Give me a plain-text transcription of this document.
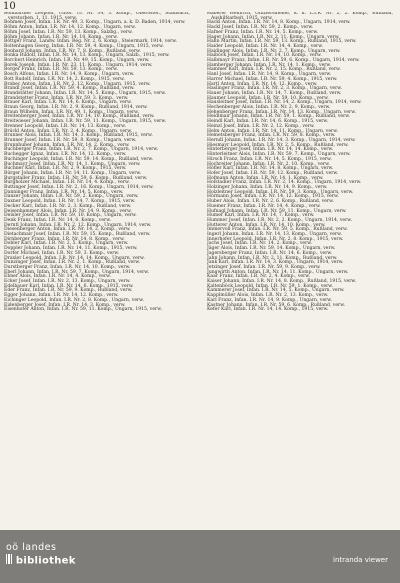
10

Bombardier Leopold, Unter. Ul. Nr. 34, 3. Komp., Oberöster., Stadlsarzt, verstorben. 1. 11. 1915, verw.

Bohmen Josef, Infan. I.R. Nr. 49, 3. Komp., Ungarn, a. k. D. Baden, 1914, verw.

Böhm Anton, Infan. I.R. Nr. 14, 12. Komp., Ungarn, verw.

Böhm Josef, Infan. I.R. Nr. 59, 13. Komp., Salzbg., verw.

Böhm Johann, Infan. I.R. Nr. 14, 10. Komp., verw.

Böttger Franz, Landw. Infan. Reg. Nr. 2, 6. Komp., Steiermark, 1914, verw.

Boltenhagen Georg, Infan. I.R. Nr. 59, 4. Komp., Ungarn, 1915, verw.

Bonhard Johann, Infan. I.R. Nr. 7, 8. Komp., Rußland, verw.

Bonka Rudolf, Infan. I.R. Nr. 14, 13. Komp., Ungarn, Salzb., 1915, verw.

Borchert Heinrich, Infan. I.R. Nr. 49, 15. Komp., Ungarn, verw.

Borek Joseph, Infan. I.R. Nr. 23, 11. Komp., Ungarn, 1914, verw.

Borger Franz, Infan. I.R. Nr. 59, 13. Komp., verw.

Bosch Alfons, Infan. I.R. Nr. 14, 9. Komp., Ungarn, verw.

Bott Rudolf, Infan. I.R. Nr. 14, 2. Komp., 1915, verw.

Brabec Anton, Infan. I.R. Nr. 2, 12. Komp., Ungarn, 1915, verw.

Brandl Josef, Infan. I.R. Nr. 59, 4. Komp., Rußland, verw.

Brandstätter Johann, Infan. I.R. Nr. 14, 5. Komp., Ungarn, 1915, verw.

Brandstetter Franz, Infan. I.R. Nr. 59, 3. Komp., verw.

Brauer Karl, Infan. I.R. Nr. 14, 6. Komp., Ungarn, verw.

Braun Georg, Infan. I.R. Nr. 2, 9. Komp., Rußland, 1914, verw.

Braun Wilhelm, Infan. I.R. Nr. 49, 1. Komp., Ungarn, verw.

Breitenberger Josef, Infan. I.R. Nr. 14, 10. Komp., Rußland, verw.

Breitwieser Johann, Infan. I.R. Nr. 59, 11. Komp., Ungarn, 1915, verw.

Brenner Leopold, Infan. I.R. Nr. 14, 13. Komp., verw.

Brückl Anton, Infan. I.R. Nr. 2, 4. Komp., Ungarn, verw.

Brunner Alois, Infan. I.R. Nr. 14, 3. Komp., Rußland, 1915, verw.

Brunner Josef, Infan. I.R. Nr. 59, 8. Komp., Ungarn, verw.

Brunnhuber Johann, Infan. I.R. Nr. 14, 2. Komp., verw.

Buchberger Franz, Infan. I.R. Nr. 2, 7. Komp., Ungarn, 1914, verw.

Buchegger Ignaz, Infan. I.R. Nr. 14, 12. Komp., verw.

Buchinger Leopold, Infan. I.R. Nr. 59, 14. Komp., Rußland, verw.

Buchmayr Josef, Infan. I.R. Nr. 14, 1. Komp., Ungarn, verw.

Buchner Karl, Infan. I.R. Nr. 2, 9. Komp., 1915, verw.

Bürger Johann, Infan. I.R. Nr. 14, 11. Komp., Ungarn, verw.

Burgstaller Franz, Infan. I.R. Nr. 59, 6. Komp., Rußland, verw.

Burgholzer Michael, Infan. I.R. Nr. 14, 4. Komp., verw.

Buttinger Josef, Infan. I.R. Nr. 2, 16. Komp., Ungarn, 1914, verw.

Danninger Franz, Infan. I.R. Nr. 14, 5. Komp., verw.

Danzer Johann, Infan. I.R. Nr. 59, 2. Komp., Ungarn, verw.

Daxner Leopold, Infan. I.R. Nr. 14, 7. Komp., 1915, verw.

Decker Karl, Infan. I.R. Nr. 2, 3. Komp., Rußland, verw.

Deisenhammer Alois, Infan. I.R. Nr. 14, 9. Komp., verw.

Deixler Josef, Infan. I.R. Nr. 59, 10. Komp., Ungarn, verw.

Denk Franz, Infan. I.R. Nr. 14, 6. Komp., verw.

Derntl Johann, Infan. I.R. Nr. 2, 12. Komp., Ungarn, 1914, verw.

Diesenberger Anton, Infan. I.R. Nr. 14, 2. Komp., verw.

Dietachmair Josef, Infan. I.R. Nr. 59, 15. Komp., Rußland, verw.

Dirnberger Franz, Infan. I.R. Nr. 14, 8. Komp., verw.

Dobler Karl, Infan. I.R. Nr. 2, 5. Komp., Ungarn, verw.

Doppler Johann, Infan. I.R. Nr. 14, 11. Komp., 1915, verw.

Dorfer Michael, Infan. I.R. Nr. 59, 3. Komp., verw.

Draxler Leopold, Infan. I.R. Nr. 14, 14. Komp., Ungarn, verw.

Dunzinger Josef, Infan. I.R. Nr. 2, 1. Komp., Rußland, verw.

Durstberger Franz, Infan. I.R. Nr. 14, 10. Komp., verw.

Eberl Johann, Infan. I.R. Nr. 59, 7. Komp., Ungarn, 1914, verw.

Ebner Alois, Infan. I.R. Nr. 14, 4. Komp., verw.

Ecker Josef, Infan. I.R. Nr. 2, 13. Komp., Ungarn, verw.

Edelbauer Karl, Infan. I.R. Nr. 14, 6. Komp., 1915, verw.

Eder Franz, Infan. I.R. Nr. 59, 9. Komp., Rußland, verw.

Egger Johann, Infan. I.R. Nr. 14, 12. Komp., verw.

Eichinger Leopold, Infan. I.R. Nr. 2, 8. Komp., Ungarn, verw.

Eidenberger Josef, Infan. I.R. Nr. 14, 3. Komp., verw.

Eisenhofer Anton, Infan. I.R. Nr. 59, 11. Komp., Ungarn, 1915, verw.

Haberer Heinrich, Offiziersdiener, k. k. L.I.R. Nr. 2, 2. Komp., Rußland, Aushilfsarbeit, 1915, verw.

Hackl Anton, Infan. I.R. Nr. 14, 8. Komp., Ungarn, 1914, verw.

Hackl Josef, Infan. I.R. Nr. 59, 2. Komp., verw.

Hafner Franz, Infan. I.R. Nr. 14, 5. Komp., verw.

Hager Johann, Infan. I.R. Nr. 2, 11. Komp., Ungarn, verw.

Hahn Martin, Infan. I.R. Nr. 59, 13. Komp., Rußland, 1915, verw.

Haider Leopold, Infan. I.R. Nr. 14, 4. Komp., verw.

Haidinger Alois, Infan. I.R. Nr. 2, 7. Komp., Ungarn, verw.

Haiböck Josef, Infan. I.R. Nr. 14, 10. Komp., verw.

Halbmayr Franz, Infan. I.R. Nr. 59, 6. Komp., Ungarn, 1914, verw.

Hamberger Johann, Infan. I.R. Nr. 14, 1. Komp., verw.

Hammer Karl, Infan. I.R. Nr. 2, 15. Komp., Rußland, verw.

Hanl Josef, Infan. I.R. Nr. 14, 9. Komp., Ungarn, verw.

Harrer Michael, Infan. I.R. Nr. 59, 4. Komp., 1915, verw.

Hartl Anton, Infan. I.R. Nr. 14, 12. Komp., verw.

Haslinger Franz, Infan. I.R. Nr. 2, 3. Komp., Ungarn, verw.

Hauer Johann, Infan. I.R. Nr. 14, 7. Komp., Rußland, verw.

Haumer Leopold, Infan. I.R. Nr. 59, 10. Komp., verw.

Hausleitner Josef, Infan. I.R. Nr. 14, 2. Komp., Ungarn, 1914, verw.

Hechenberger Alois, Infan. I.R. Nr. 2, 9. Komp., verw.

Hehenberger Franz, Infan. I.R. Nr. 14, 13. Komp., Ungarn, verw.

Heidlmair Johann, Infan. I.R. Nr. 59, 1. Komp., Rußland, verw.

Heindl Karl, Infan. I.R. Nr. 14, 6. Komp., 1915, verw.

Heinzl Josef, Infan. I.R. Nr. 2, 12. Komp., verw.

Helm Anton, Infan. I.R. Nr. 14, 11. Komp., Ungarn, verw.

Hemetsberger Franz, Infan. I.R. Nr. 59, 8. Komp., verw.

Herndl Johann, Infan. I.R. Nr. 14, 3. Komp., Ungarn, 1914, verw.

Hiesmayr Leopold, Infan. I.R. Nr. 2, 5. Komp., Rußland, verw.

Hinterberger Josef, Infan. I.R. Nr. 14, 14. Komp., verw.

Hinterleitner Alois, Infan. I.R. Nr. 59, 7. Komp., Ungarn, verw.

Hirsch Franz, Infan. I.R. Nr. 14, 5. Komp., 1915, verw.

Hochreiter Johann, Infan. I.R. Nr. 2, 10. Komp., verw.

Höfler Karl, Infan. I.R. Nr. 14, 8. Komp., Ungarn, verw.

Hofer Josef, Infan. I.R. Nr. 59, 12. Komp., Rußland, verw.

Hofmann Anton, Infan. I.R. Nr. 14, 1. Komp., verw.

Hofstadler Franz, Infan. I.R. Nr. 2, 14. Komp., Ungarn, 1914, verw.

Holzinger Johann, Infan. I.R. Nr. 14, 9. Komp., verw.

Holzleitner Leopold, Infan. I.R. Nr. 59, 3. Komp., Ungarn, verw.

Hörmann Josef, Infan. I.R. Nr. 14, 12. Komp., 1915, verw.

Huber Alois, Infan. I.R. Nr. 2, 6. Komp., Rußland, verw.

Huemer Franz, Infan. I.R. Nr. 14, 4. Komp., verw.

Hufnagl Johann, Infan. I.R. Nr. 59, 11. Komp., Ungarn, verw.

Humer Karl, Infan. I.R. Nr. 14, 7. Komp., verw.

Hummer Josef, Infan. I.R. Nr. 2, 2. Komp., Ungarn, 1914, verw.

Hutterer Anton, Infan. I.R. Nr. 14, 10. Komp., verw.

Immervoll Franz, Infan. I.R. Nr. 59, 5. Komp., Rußland, verw.

Ingerl Johann, Infan. I.R. Nr. 14, 13. Komp., Ungarn, verw.

Innerhofer Leopold, Infan. I.R. Nr. 2, 8. Komp., 1915, verw.

Jachs Josef, Infan. I.R. Nr. 14, 2. Komp., verw.

Jäger Alois, Infan. I.R. Nr. 59, 14. Komp., Ungarn, verw.

Jagersberger Franz, Infan. I.R. Nr. 14, 6. Komp., verw.

Jahn Johann, Infan. I.R. Nr. 2, 11. Komp., Rußland, verw.

Jank Karl, Infan. I.R. Nr. 14, 3. Komp., Ungarn, 1914, verw.

Jetzinger Josef, Infan. I.R. Nr. 59, 9. Komp., verw.

Jungwirth Anton, Infan. I.R. Nr. 14, 11. Komp., Ungarn, verw.

Kaar Franz, Infan. I.R. Nr. 2, 4. Komp., verw.

Kaiser Johann, Infan. I.R. Nr. 14, 8. Komp., Rußland, 1915, verw.

Kaltenböck Leopold, Infan. I.R. Nr. 59, 1. Komp., verw.

Kammerer Josef, Infan. I.R. Nr. 14, 5. Komp., Ungarn, verw.

Kapplmüller Alois, Infan. I.R. Nr. 2, 13. Komp., verw.

Karl Franz, Infan. I.R. Nr. 14, 9. Komp., Ungarn, verw.

Kastner Johann, Infan. I.R. Nr. 59, 6. Komp., Rußland, verw.

Kefer Karl, Infan. I.R. Nr. 14, 14. Komp., 1915, verw.

oö landes
bibliothek	intranda viewer
